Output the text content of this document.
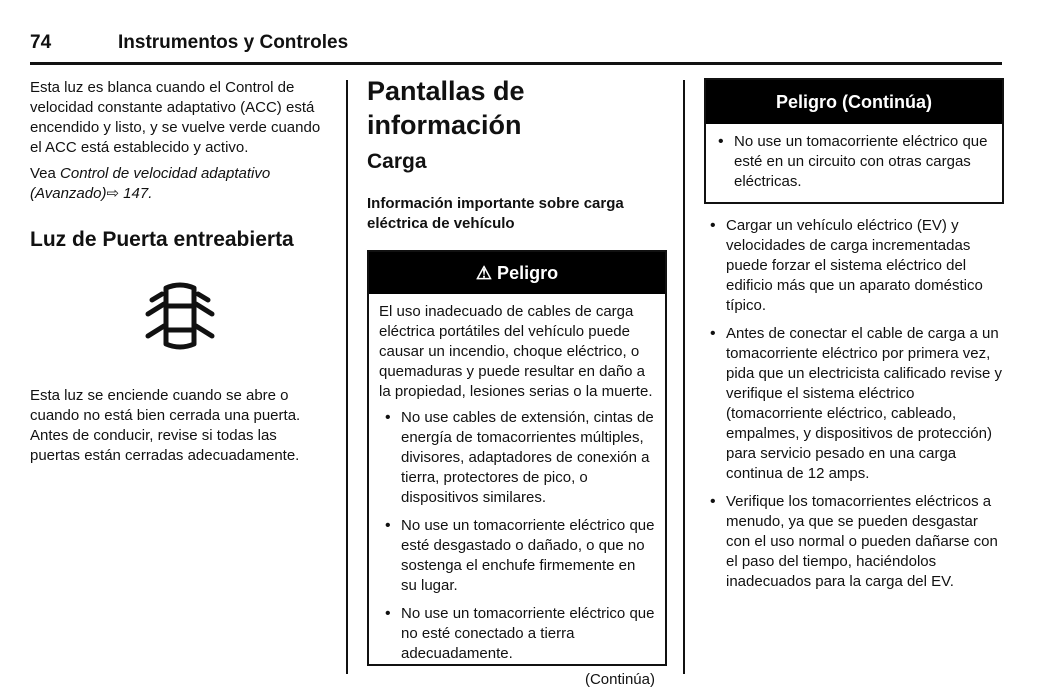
74	Instrumentos y Controles

Esta luz es blanca cuando el Control de velocidad constante adaptativo (ACC) está encendido y listo, y se vuelve verde cuando el ACC está establecido y activo.

Vea Control de velocidad adaptativo (Avanzado)⇨ 147.

Luz de Puerta entreabierta

Esta luz se enciende cuando se abre o cuando no está bien cerrada una puerta. Antes de conducir, revise si todas las puertas están cerradas adecuadamente.

Pantallas de información

Carga

Información importante sobre carga eléctrica de vehículo

⚠ Peligro

El uso inadecuado de cables de carga eléctrica portátiles del vehículo puede causar un incendio, choque eléctrico, o quemaduras y puede resultar en daño a la propiedad, lesiones serias o la muerte.

• No use cables de extensión, cintas de energía de tomacorrientes múltiples, divisores, adaptadores de conexión a tierra, protectores de pico, o dispositivos similares.
• No use un tomacorriente eléctrico que esté desgastado o dañado, o que no sostenga el enchufe firmemente en su lugar.
• No use un tomacorriente eléctrico que no esté conectado a tierra adecuadamente.

(Continúa)

Peligro (Continúa)
• No use un tomacorriente eléctrico que esté en un circuito con otras cargas eléctricas.
• Cargar un vehículo eléctrico (EV) y velocidades de carga incrementadas puede forzar el sistema eléctrico del edificio más que un aparato doméstico típico.
• Antes de conectar el cable de carga a un tomacorriente eléctrico por primera vez, pida que un electricista calificado revise y verifique el sistema eléctrico (tomacorriente eléctrico, cableado, empalmes, y dispositivos de protección) para servicio pesado en una carga continua de 12 amps.
• Verifique los tomacorrientes eléctricos a menudo, ya que se pueden desgastar con el uso normal o pueden dañarse con el paso del tiempo, haciéndolos inadecuados para la carga del EV.
